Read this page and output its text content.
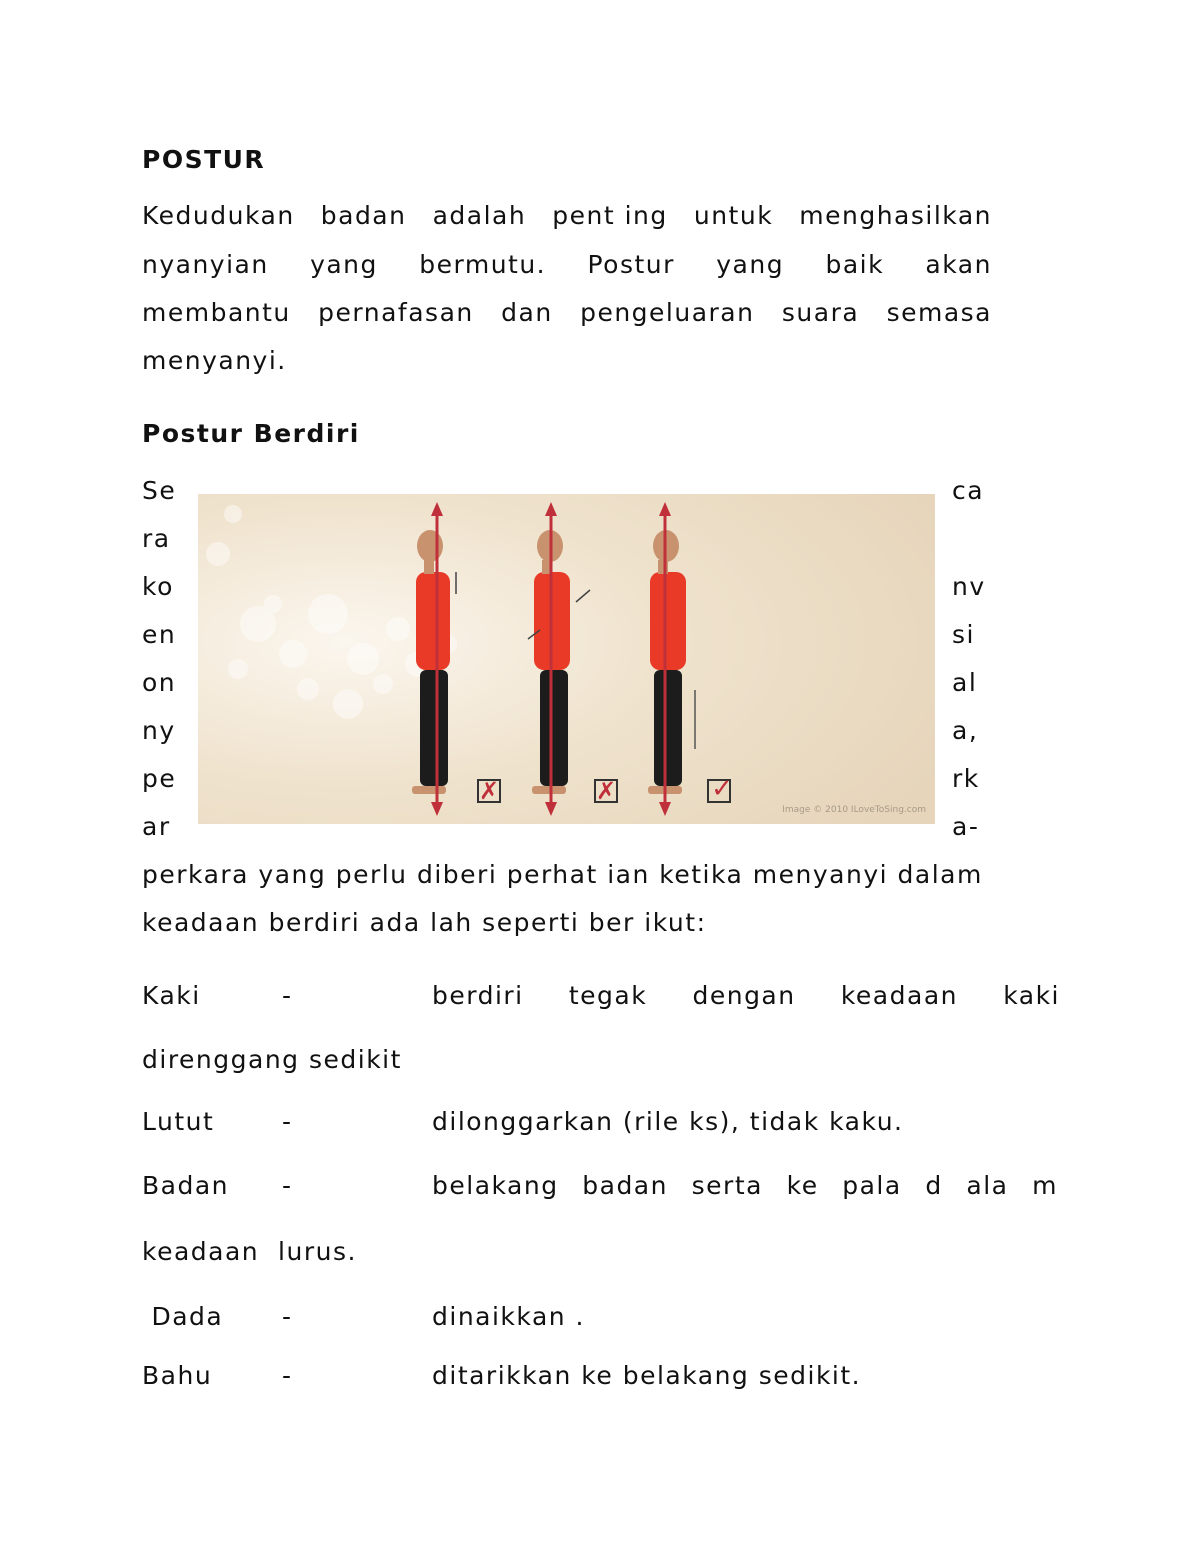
POSTUR
Kedudukan badan adalah pent ing untuk menghasilkan
nyanyian yang bermutu. Postur yang baik akan
membantu pernafasan dan pengeluaran suara semasa
menyanyi.
Postur Berdiri
Se
ra
ko
en
on
ny
pe
ar
ca
nv
si
al
a,
rk
a-
✗	✗	✓
Image © 2010 ILoveToSing.com
perkara yang perlu diberi perhat ian ketika menyanyi dalam
keadaan berdiri ada lah seperti ber ikut:
Kaki	-	berdiri tegak dengan keadaan kaki
direnggang sedikit
Lutut	-	dilonggarkan (rile ks), tidak kaku.
Badan -	belakang badan serta ke pala d ala m
keadaan  lurus.
Dada -	dinaikkan .
Bahu	-	ditarikkan ke belakang sedikit.
